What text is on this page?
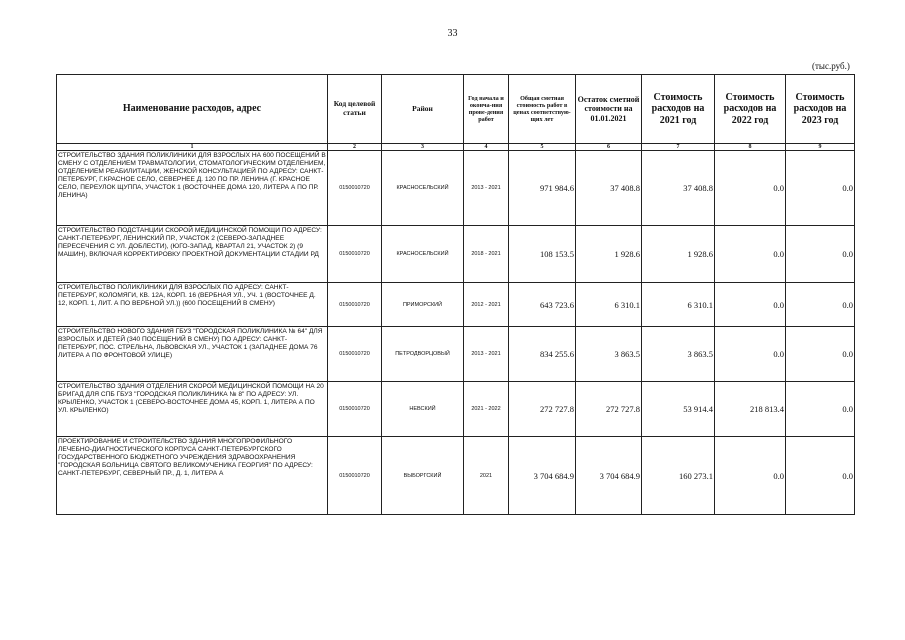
33
(тыс.руб.)
Наименование расходов, адрес	Код целевой статьи	Район	Год начала и оконча-ния прове-дения работ	Общая сметная стоимость работ в ценах соответствую-щих лет	Остаток сметной стоимости на 01.01.2021	Стоимость расходов на 2021 год	Стоимость расходов на 2022 год	Стоимость расходов на 2023 год
1	2	3	4	5	6	7	8	9
СТРОИТЕЛЬСТВО ЗДАНИЯ ПОЛИКЛИНИКИ ДЛЯ ВЗРОСЛЫХ НА 600 ПОСЕЩЕНИЙ В СМЕНУ С ОТДЕЛЕНИЕМ ТРАВМАТОЛОГИИ, СТОМАТОЛОГИЧЕСКИМ ОТДЕЛЕНИЕМ, ОТДЕЛЕНИЕМ РЕАБИЛИТАЦИИ, ЖЕНСКОЙ КОНСУЛЬТАЦИЕЙ ПО АДРЕСУ: САНКТ-ПЕТЕРБУРГ, Г.КРАСНОЕ СЕЛО, СЕВЕРНЕЕ Д. 120 ПО ПР. ЛЕНИНА (Г. КРАСНОЕ СЕЛО, ПЕРЕУЛОК ЩУППА, УЧАСТОК 1 (ВОСТОЧНЕЕ ДОМА 120, ЛИТЕРА А ПО ПР. ЛЕНИНА)	0150010720	КРАСНОСЕЛЬСКИЙ	2013 - 2021	971 984.6	37 408.8	37 408.8	0.0	0.0
СТРОИТЕЛЬСТВО ПОДСТАНЦИИ СКОРОЙ МЕДИЦИНСКОЙ ПОМОЩИ ПО АДРЕСУ: САНКТ-ПЕТЕРБУРГ, ЛЕНИНСКИЙ ПР., УЧАСТОК 2 (СЕВЕРО-ЗАПАДНЕЕ ПЕРЕСЕЧЕНИЯ С УЛ. ДОБЛЕСТИ), (ЮГО-ЗАПАД, КВАРТАЛ 21, УЧАСТОК 2) (9 МАШИН), ВКЛЮЧАЯ КОРРЕКТИРОВКУ ПРОЕКТНОЙ ДОКУМЕНТАЦИИ СТАДИИ РД	0150010720	КРАСНОСЕЛЬСКИЙ	2018 - 2021	108 153.5	1 928.6	1 928.6	0.0	0.0
СТРОИТЕЛЬСТВО ПОЛИКЛИНИКИ ДЛЯ ВЗРОСЛЫХ ПО АДРЕСУ: САНКТ-ПЕТЕРБУРГ, КОЛОМЯГИ, КВ. 12А, КОРП. 16 (ВЕРБНАЯ УЛ., УЧ. 1 (ВОСТОЧНЕЕ Д. 12, КОРП. 1, ЛИТ. А ПО ВЕРБНОЙ УЛ.)) (600 ПОСЕЩЕНИЙ В СМЕНУ)	0150010720	ПРИМОРСКИЙ	2012 - 2021	643 723.6	6 310.1	6 310.1	0.0	0.0
СТРОИТЕЛЬСТВО НОВОГО ЗДАНИЯ ГБУЗ "ГОРОДСКАЯ ПОЛИКЛИНИКА № 64" ДЛЯ ВЗРОСЛЫХ И ДЕТЕЙ (340 ПОСЕЩЕНИЙ В СМЕНУ) ПО АДРЕСУ: САНКТ-ПЕТЕРБУРГ, ПОС. СТРЕЛЬНА, ЛЬВОВСКАЯ УЛ., УЧАСТОК 1 (ЗАПАДНЕЕ ДОМА 76 ЛИТЕРА А ПО ФРОНТОВОЙ УЛИЦЕ)	0150010720	ПЕТРОДВОРЦОВЫЙ	2013 - 2021	834 255.6	3 863.5	3 863.5	0.0	0.0
СТРОИТЕЛЬСТВО ЗДАНИЯ ОТДЕЛЕНИЯ СКОРОЙ МЕДИЦИНСКОЙ ПОМОЩИ НА 20 БРИГАД ДЛЯ СПБ ГБУЗ "ГОРОДСКАЯ ПОЛИКЛИНИКА № 8" ПО АДРЕСУ: УЛ. КРЫЛЕНКО, УЧАСТОК 1 (СЕВЕРО-ВОСТОЧНЕЕ ДОМА 45, КОРП. 1, ЛИТЕРА А ПО УЛ. КРЫЛЕНКО)	0150010720	НЕВСКИЙ	2021 - 2022	272 727.8	272 727.8	53 914.4	218 813.4	0.0
ПРОЕКТИРОВАНИЕ И СТРОИТЕЛЬСТВО ЗДАНИЯ МНОГОПРОФИЛЬНОГО ЛЕЧЕБНО-ДИАГНОСТИЧЕСКОГО КОРПУСА САНКТ-ПЕТЕРБУРГСКОГО ГОСУДАРСТВЕННОГО БЮДЖЕТНОГО УЧРЕЖДЕНИЯ ЗДРАВООХРАНЕНИЯ "ГОРОДСКАЯ БОЛЬНИЦА СВЯТОГО ВЕЛИКОМУЧЕНИКА ГЕОРГИЯ" ПО АДРЕСУ: САНКТ-ПЕТЕРБУРГ, СЕВЕРНЫЙ ПР., Д. 1, ЛИТЕРА А	0150010720	ВЫБОРГСКИЙ	2021	3 704 684.9	3 704 684.9	160 273.1	0.0	0.0
